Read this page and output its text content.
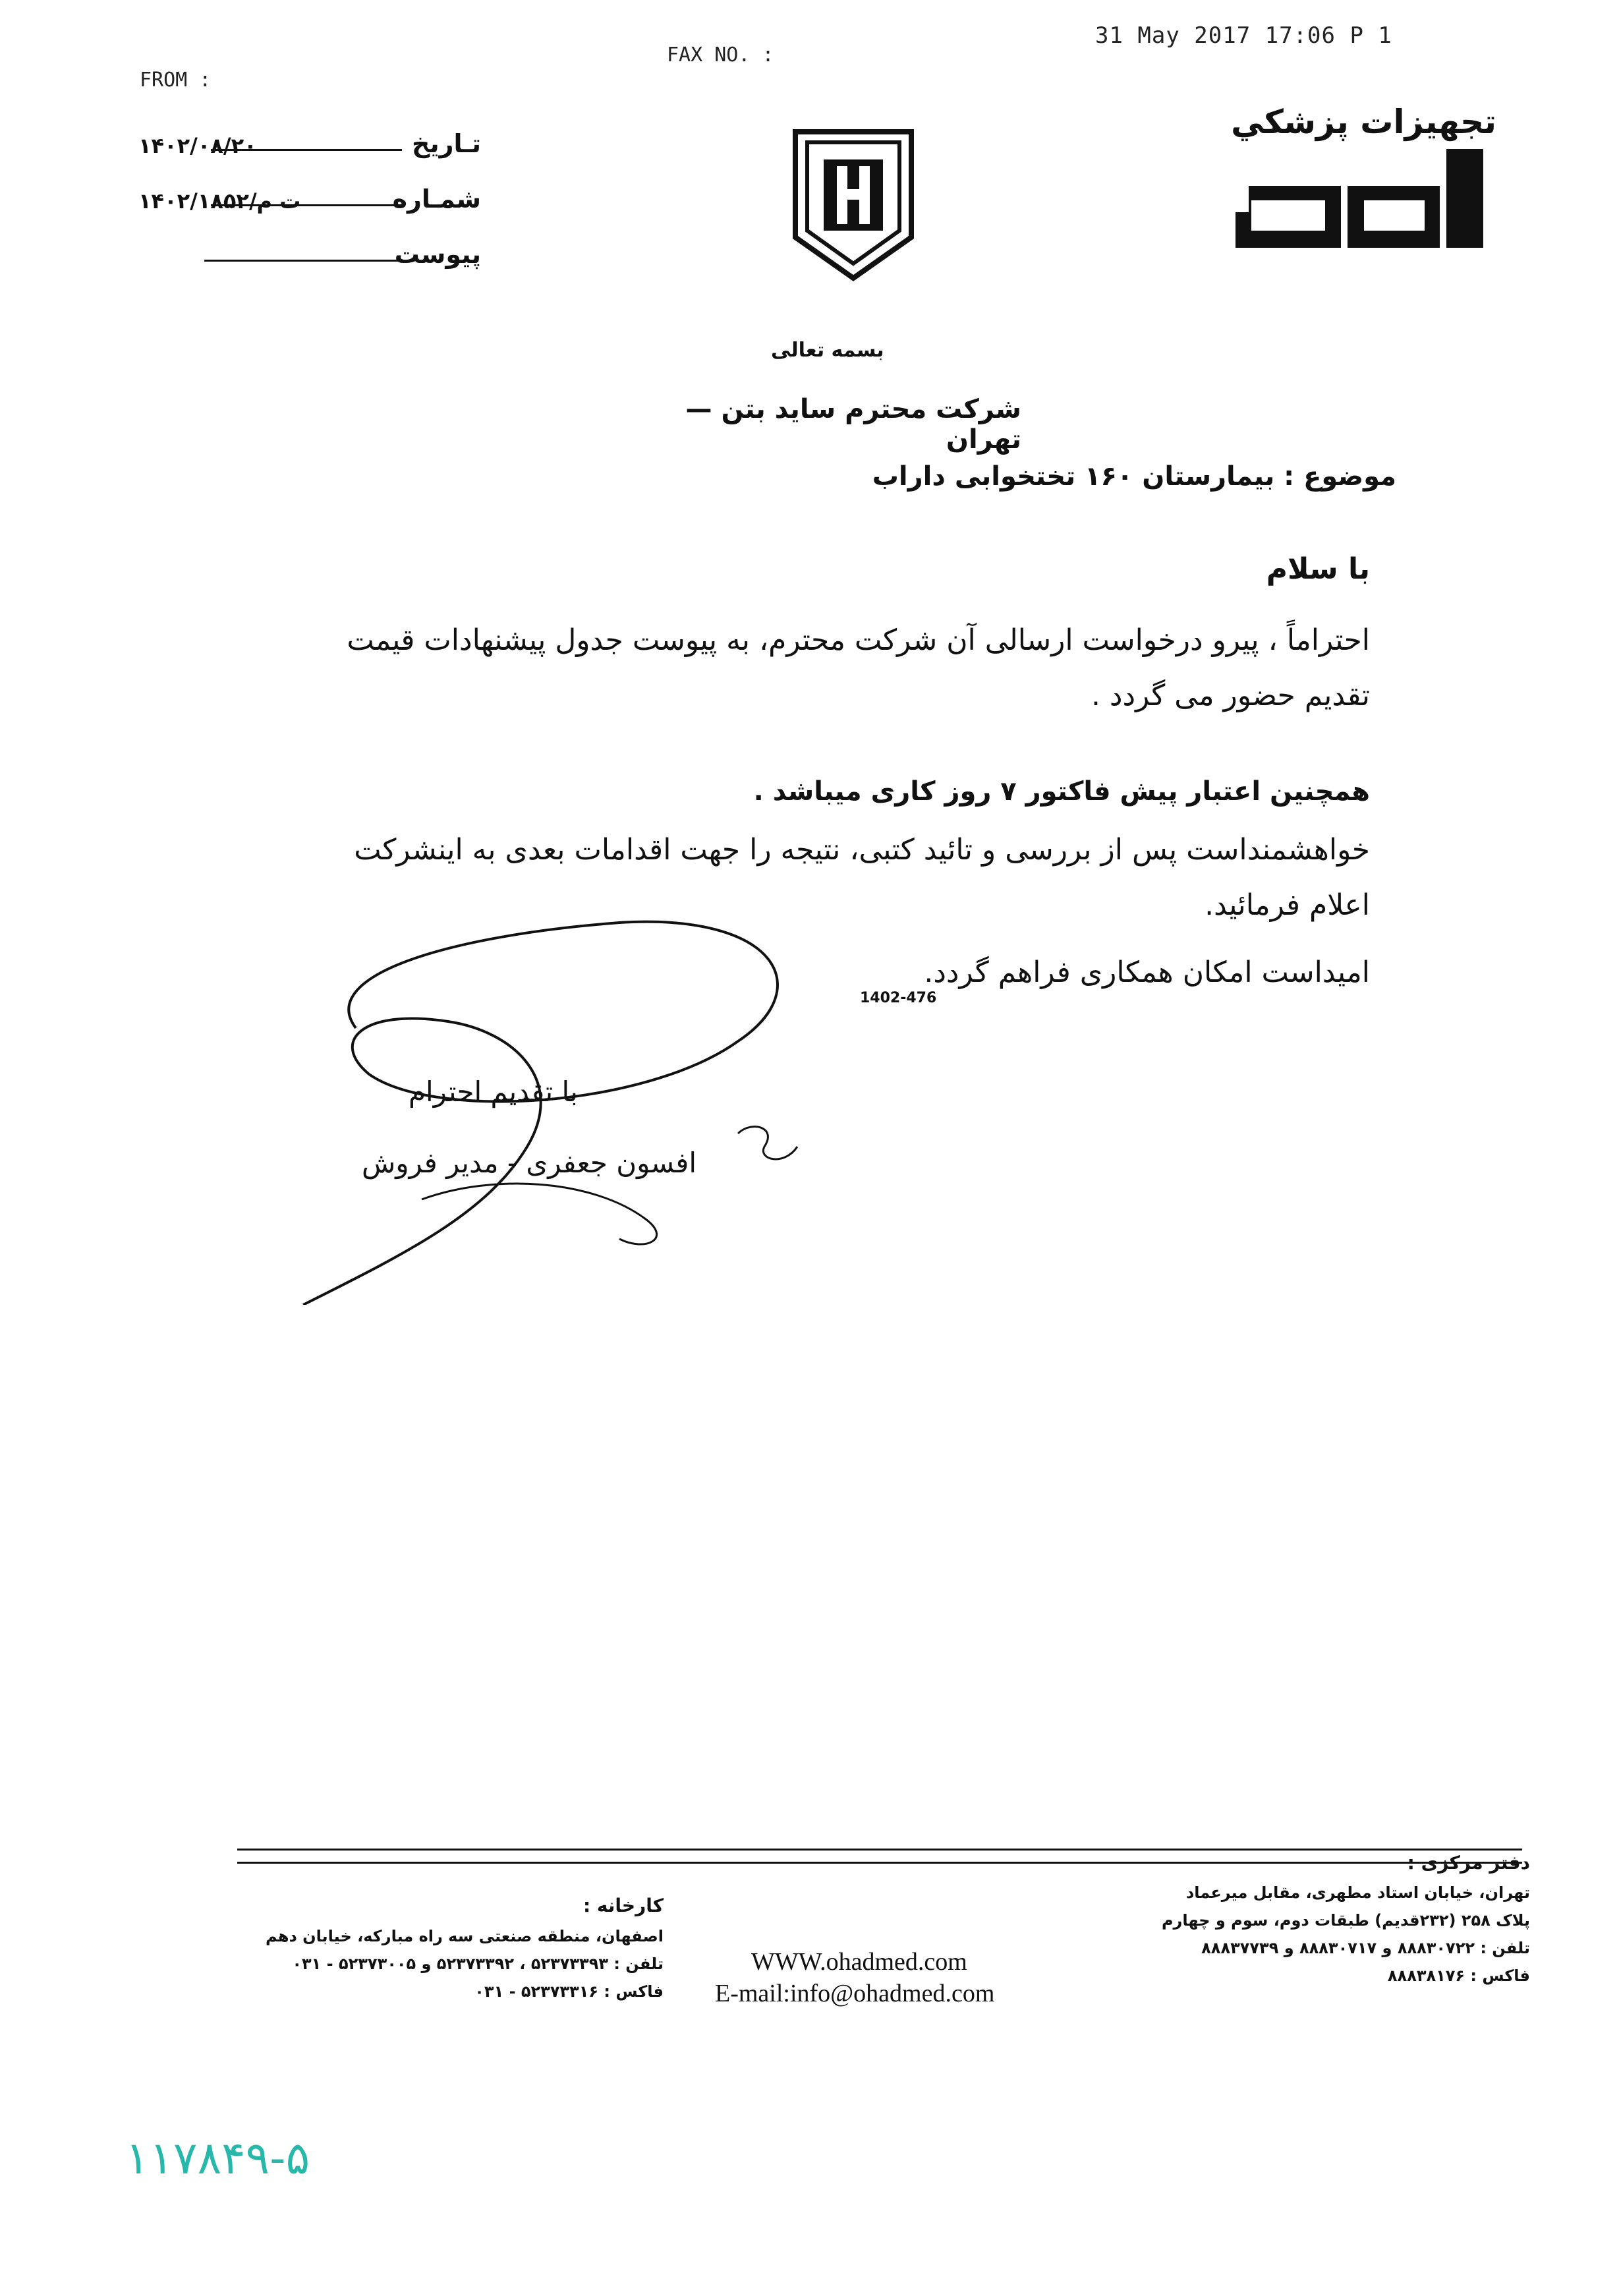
FROM :
FAX NO. :
31 May 2017 17:06 P 1
تـاريخ
۱۴۰۲/۰۸/۲۰
شمـاره
۱۴۰۲/ت م/۱۸۵۲
پيوست
تجهيزات پزشكي
بسمه تعالى
شركت محترم سايد بتن — تهران
موضوع : بيمارستان ۱۶۰ تختخوابى داراب
با سلام
احتراماً ، پيرو درخواست ارسالى آن شركت محترم، به پيوست جدول پيشنهادات قيمت تقديم حضور مى گردد .
همچنين اعتبار پيش فاكتور ۷ روز كارى ميباشد .
خواهشمنداست پس از بررسى و تائيد كتبى، نتيجه را جهت اقدامات بعدى به اينشركت اعلام فرمائيد.
اميداست امكان همكارى فراهم گردد.
1402-476
با تقديم احترام
افسون جعفرى - مدير فروش
دفتر مركزى :
تهران، خيابان استاد مطهرى، مقابل ميرعماد
پلاک ۲۵۸ (۲۳۲قديم) طبقات دوم، سوم و چهارم
تلفن : ۸۸۸۳۰۷۲۲ و ۸۸۸۳۰۷۱۷ و ۸۸۸۳۷۷۳۹
فاكس : ۸۸۸۳۸۱۷۶
كارخانه :
اصفهان، منطقه صنعتى سه راه مباركه، خيابان دهم
تلفن : ۵۲۳۷۳۳۹۳ ، ۵۲۳۷۳۳۹۲ و ۵۲۳۷۳۰۰۵ - ۰۳۱
فاكس : ۵۲۳۷۳۳۱۶ - ۰۳۱
WWW.ohadmed.com
E-mail:info@ohadmed.com
۱۱۷۸۴۹-۵
